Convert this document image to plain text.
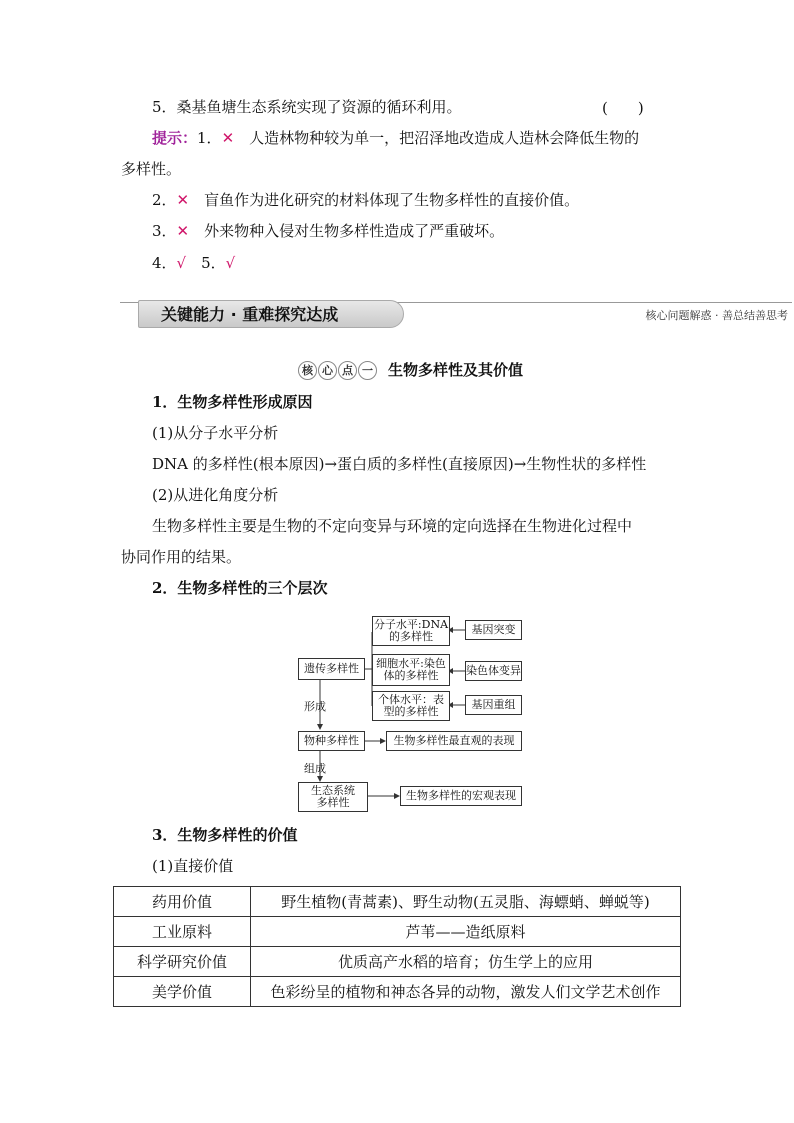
5．桑基鱼塘生态系统实现了资源的循环利用。	(　　)
提示：1．✕　人造林物种较为单一，把沼泽地改造成人造林会降低生物的
多样性。
2．✕　盲鱼作为进化研究的材料体现了生物多样性的直接价值。
3．✕　外来物种入侵对生物多样性造成了严重破坏。
4．√　5．√
关键能力 · 重难探究达成	核心问题解惑 · 善总结善思考
核 心 点 一 生物多样性及其价值
1．生物多样性形成原因
(1)从分子水平分析
DNA 的多样性(根本原因)→蛋白质的多样性(直接原因)→生物性状的多样性
(2)从进化角度分析
生物多样性主要是生物的不定向变异与环境的定向选择在生物进化过程中
协同作用的结果。
2．生物多样性的三个层次
遗传多样性
分子水平:DNA的多样性
细胞水平:染色体的多样性
个体水平：表型的多样性
基因突变
染色体变异
基因重组
形成
物种多样性	生物多样性最直观的表现
组成
生态系统多样性
生物多样性的宏观表现
3．生物多样性的价值
(1)直接价值
药用价值	野生植物(青蒿素)、野生动物(五灵脂、海螵蛸、蝉蜕等)
工业原料	芦苇——造纸原料
科学研究价值	优质高产水稻的培育；仿生学上的应用
美学价值	色彩纷呈的植物和神态各异的动物，激发人们文学艺术创作
